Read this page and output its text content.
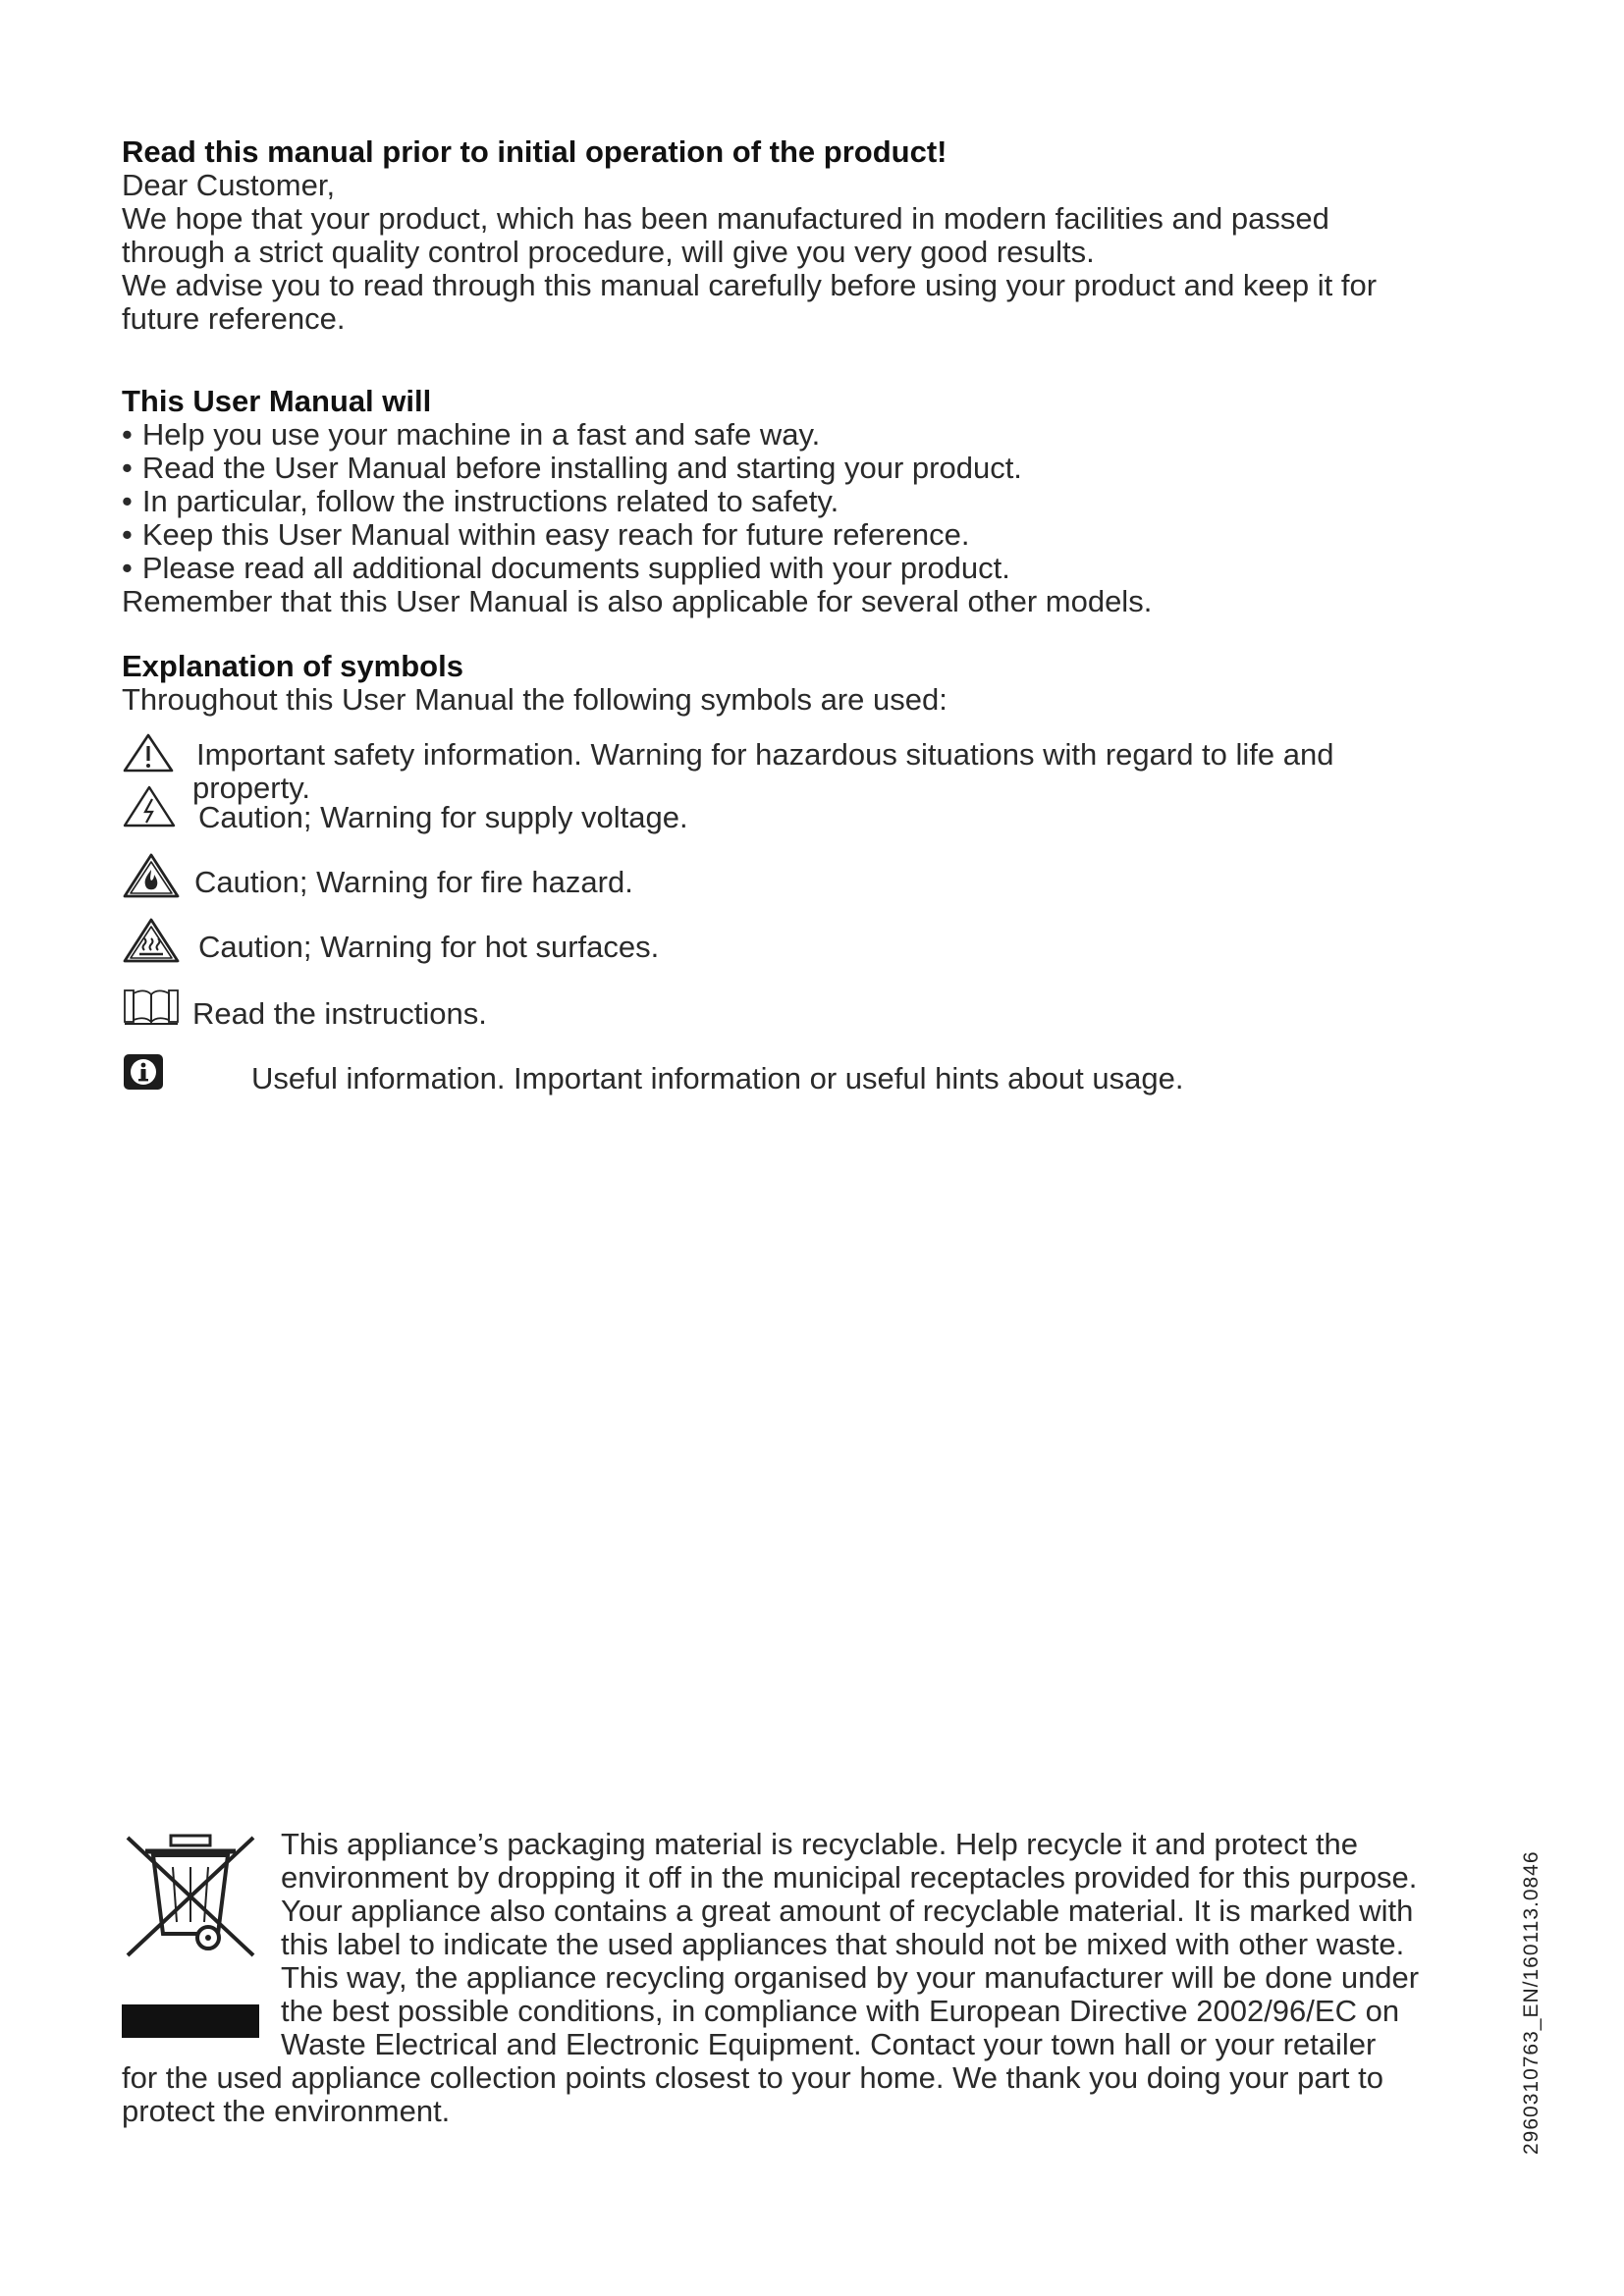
Read this manual prior to initial operation of the product!

Dear Customer,

We hope that your product, which has been manufactured in modern facilities and passed

through a strict quality control procedure, will give you very good results.

We advise you to read through this manual carefully before using your product and keep it for

future reference.

This User Manual will

• Help you use your machine in a fast and safe way.

• Read the User Manual before installing and starting your product.

• In particular, follow the instructions related to safety.

• Keep this User Manual within easy reach for future reference.

• Please read all additional documents supplied with your product.

Remember that this User Manual is also applicable for several other models.

Explanation of symbols

Throughout this User Manual the following symbols are used:

Important safety information. Warning for hazardous situations with regard to life and

property.

Caution; Warning for supply voltage.

Caution; Warning for fire hazard.

Caution; Warning for hot surfaces.

Read the instructions.

Useful information. Important information or useful hints about usage.

This appliance’s packaging material is recyclable. Help recycle it and protect the

environment by dropping it off in the municipal receptacles provided for this purpose.

Your appliance also contains a great amount of recyclable material. It is marked with

this label to indicate the used appliances that should not be mixed with other waste.

This way, the appliance recycling organised by your manufacturer will be done under

the best possible conditions, in compliance with European Directive 2002/96/EC on

Waste Electrical and Electronic Equipment. Contact your town hall or your retailer

for the used appliance collection points closest to your home. We thank you doing your part to

protect the environment.	2960310763_EN/160113.0846
